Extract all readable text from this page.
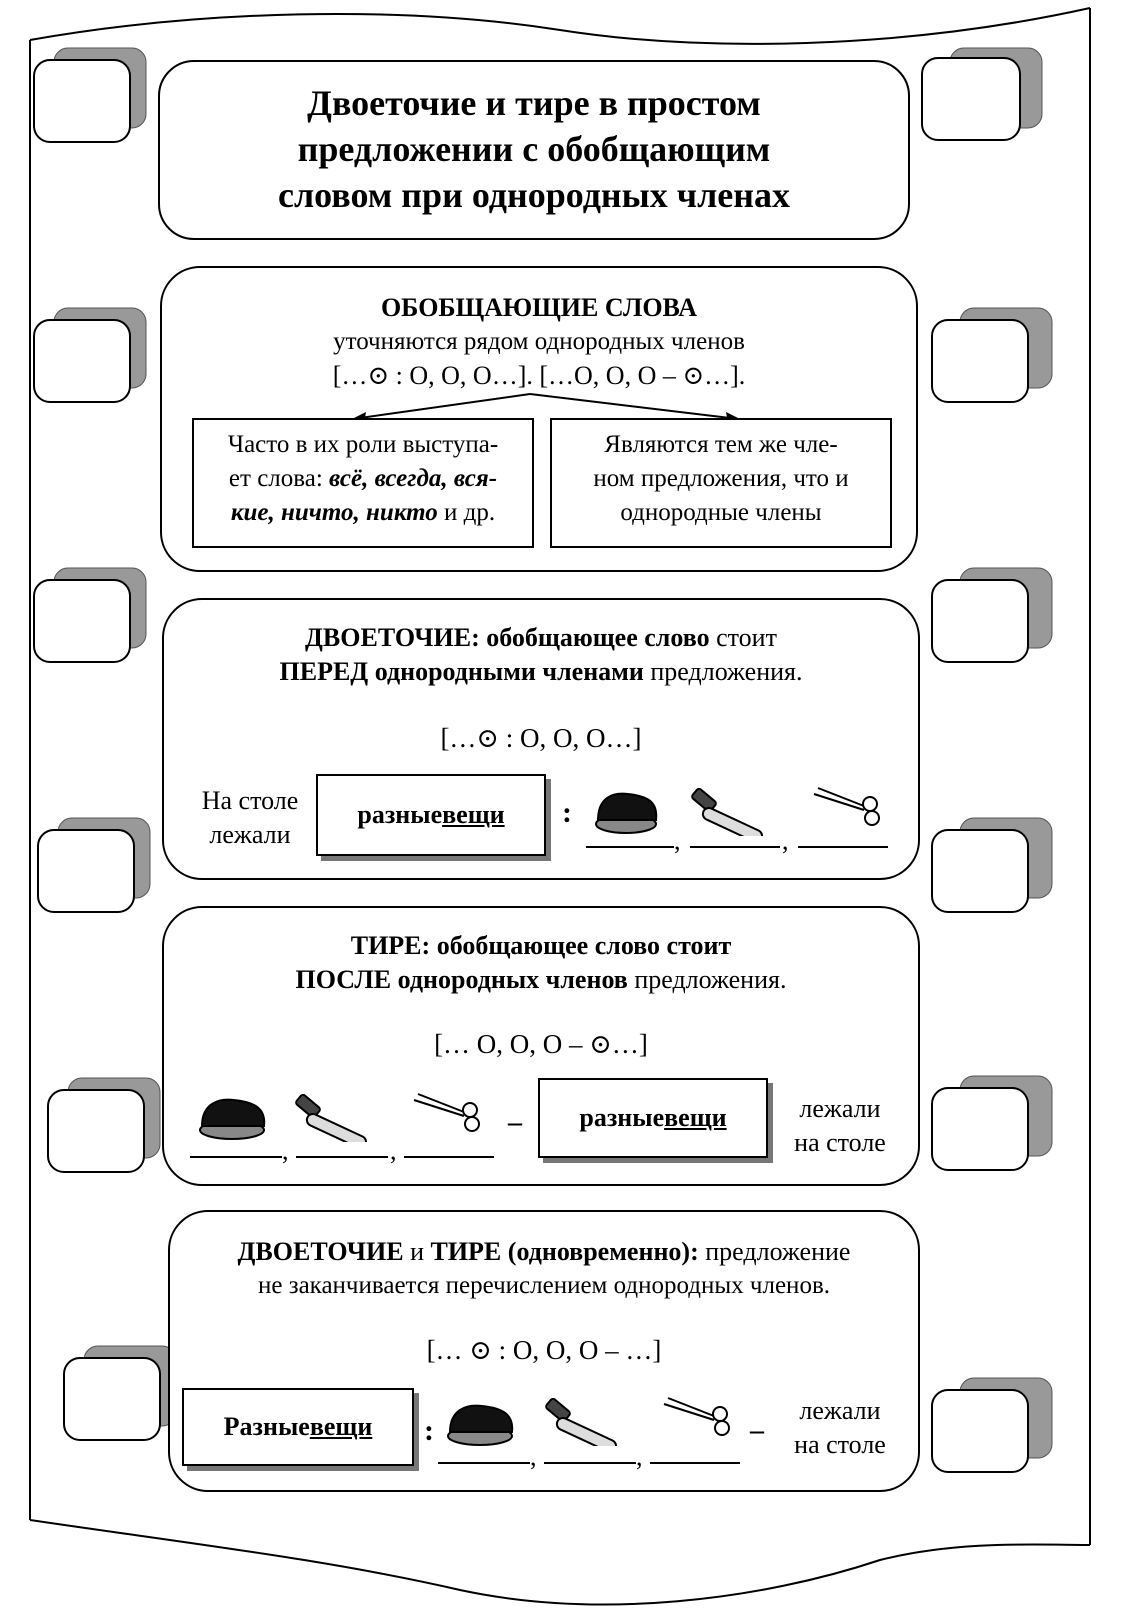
Двоеточие и тире в простом
предложении с обобщающим
словом при однородных членах
ОБОБЩАЮЩИЕ СЛОВА
уточняются рядом однородных членов
[…⊙ : О, О, О…]. […О, О, О – ⊙…].
Часто в их роли выступа-
ет слова: всё, всегда, вся-
кие, ничто, никто и др.
Являются тем же чле-
ном предложения, что и
однородные члены
ДВОЕТОЧИЕ: обобщающее слово стоит
ПЕРЕД однородными членами предложения.
[…⊙ : О, О, О…]
На столе
лежали
разные вещи :
,	,
ТИРЕ: обобщающее слово стоит
ПОСЛЕ однородных членов предложения.
[… О, О, О – ⊙…]
,	,
– разные вещи	лежали
на столе
ДВОЕТОЧИЕ и ТИРЕ (одновременно): предложение
не заканчивается перечислением однородных членов.
[… ⊙ : О, О, О – …]
Разные вещи :
,	,
–
лежали
на столе
